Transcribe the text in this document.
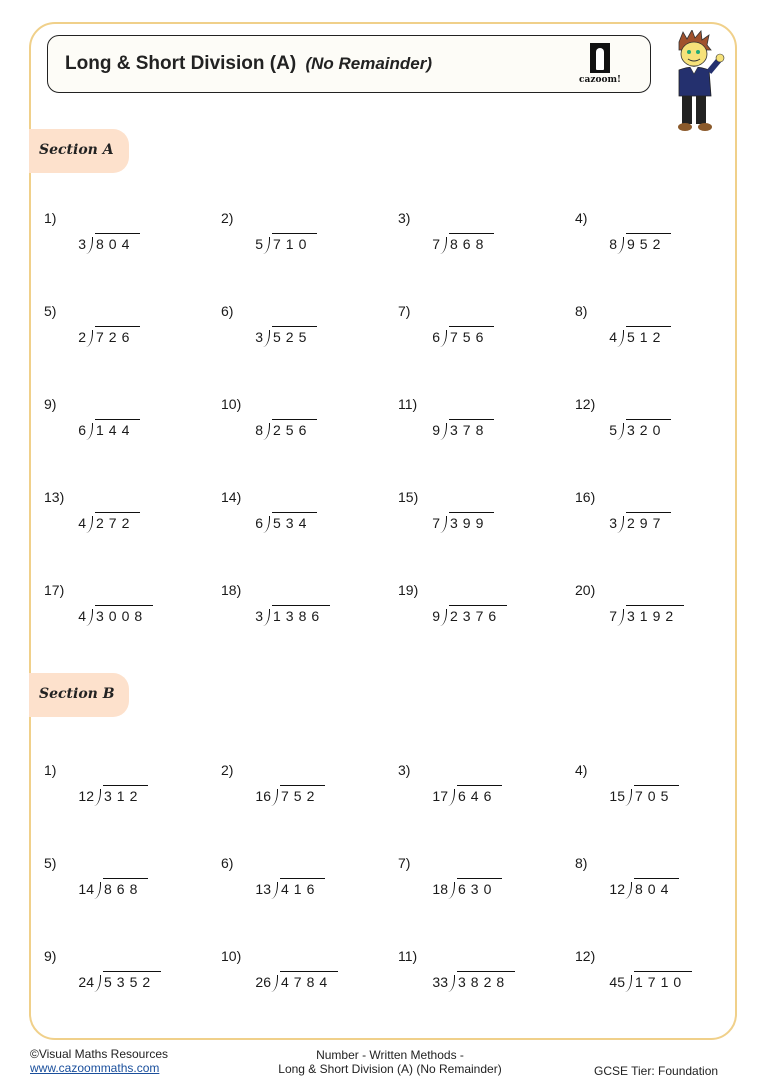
Long & Short Division (A) (No Remainder)
cazoom!
Section A
1)
3 804
2)
5 710
3)
7 868
4)
8 952
5)
2 726
6)
3 525
7)
6 756
8)
4 512
9)
6 144
10)
8 256
11)
9 378
12)
5 320
13)
4 272
14)
6 534
15)
7 399
16)
3 297
17)
4 3008
18)
3 1386
19)
9 2376
20)
7 3192
Section B
1)
12 312
2)
16 752
3)
17 646
4)
15 705
5)
14 868
6)
13 416
7)
18 630
8)
12 804
9)
24 5352
10)
26 4784
11)
33 3828
12)
45 1710
©Visual Maths Resources
www.cazoommaths.com
Number - Written Methods -
Long & Short Division (A) (No Remainder)	GCSE Tier: Foundation
